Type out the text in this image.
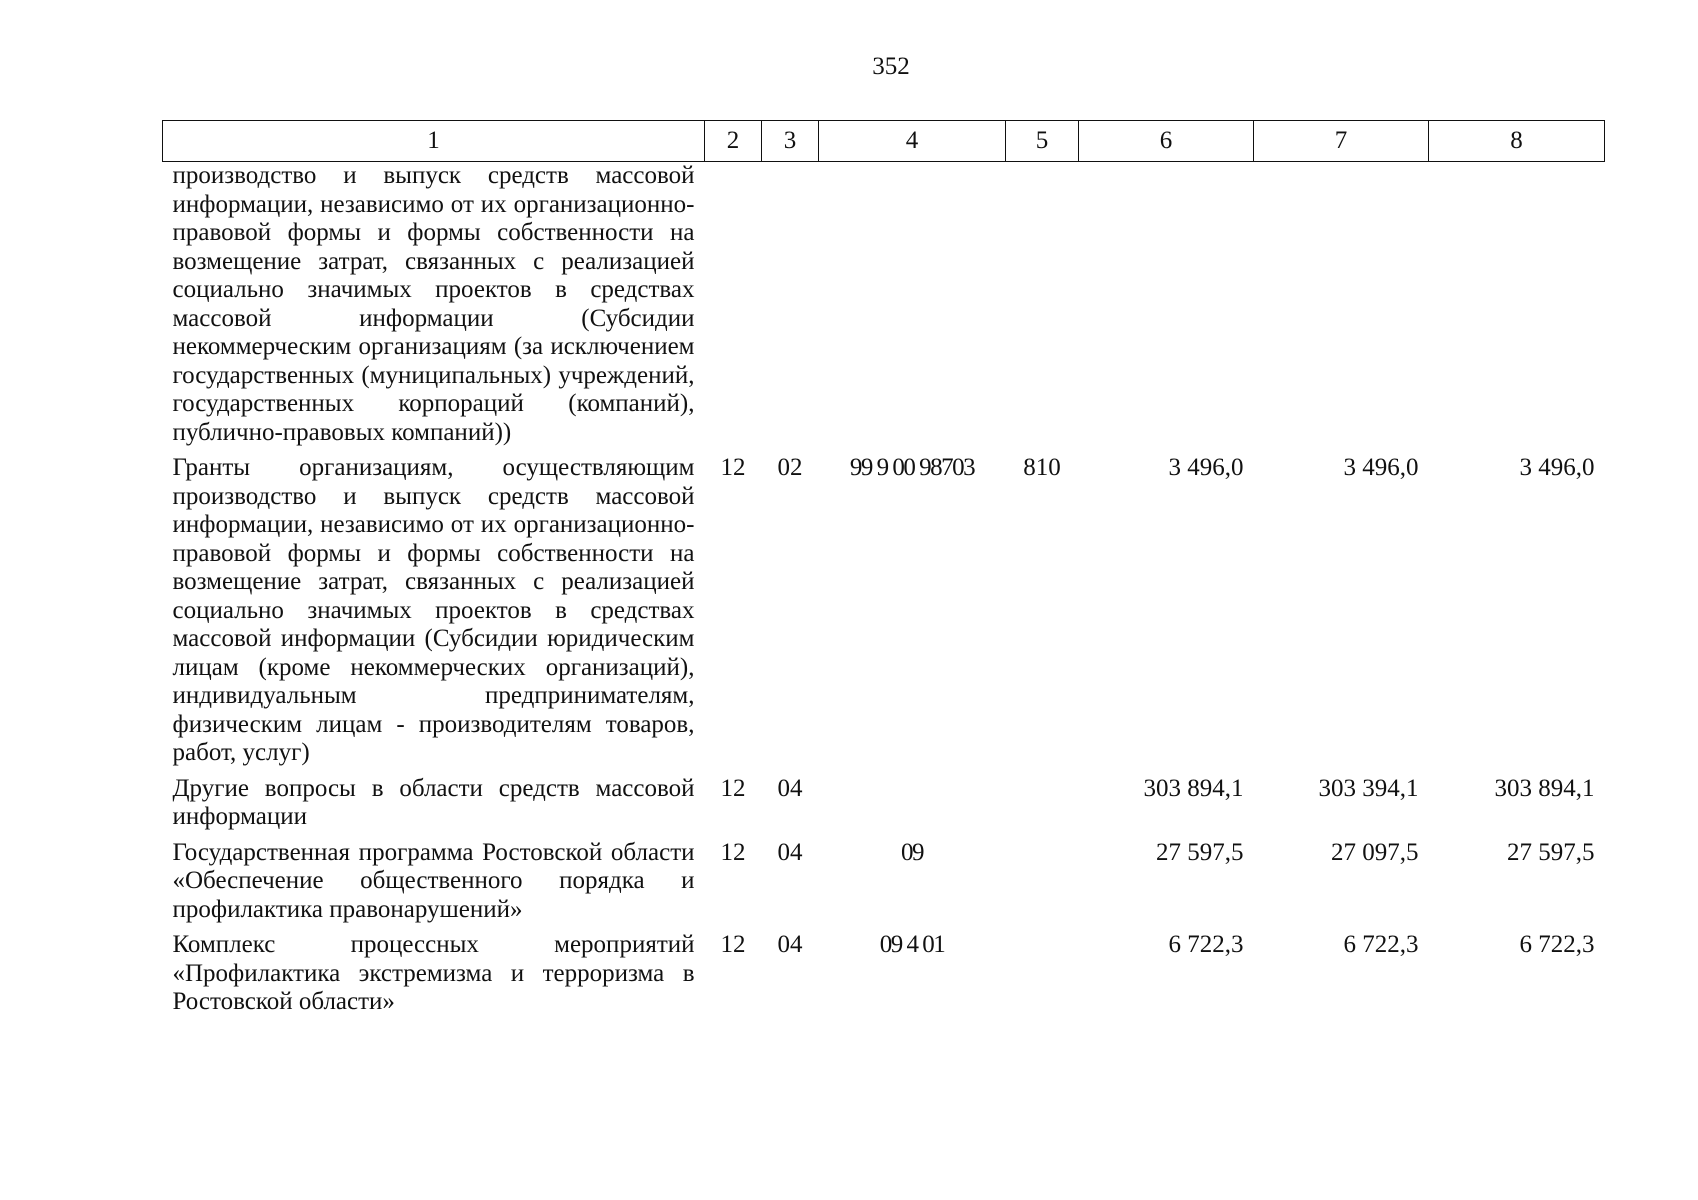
352
1	2	3	4	5	6	7	8
производство и выпуск средств массовой информации, независимо от их организационно-правовой формы и формы собственности на возмещение затрат, связанных с реализацией социально значимых проектов в средствах массовой информации (Субсидии некоммерческим организациям (за исключением государственных (муниципальных) учреждений, государственных корпораций (компаний), публично-правовых компаний))							
Гранты организациям, осуществляющим производство и выпуск средств массовой информации, независимо от их организационно-правовой формы и формы собственности на возмещение затрат, связанных с реализацией социально значимых проектов в средствах массовой информации (Субсидии юридическим лицам (кроме некоммерческих организаций), индивидуальным предпринимателям, физическим лицам - производителям товаров, работ, услуг)	12	02	99 9 00 98703	810	3 496,0	3 496,0	3 496,0
Другие вопросы в области средств массовой информации	12	04			303 894,1	303 394,1	303 894,1
Государственная программа Ростовской области «Обеспечение общественного порядка и профилактика правонарушений»	12	04	09		27 597,5	27 097,5	27 597,5
Комплекс процессных мероприятий «Профилактика экстремизма и терроризма в Ростовской области»	12	04	09 4 01		6 722,3	6 722,3	6 722,3
